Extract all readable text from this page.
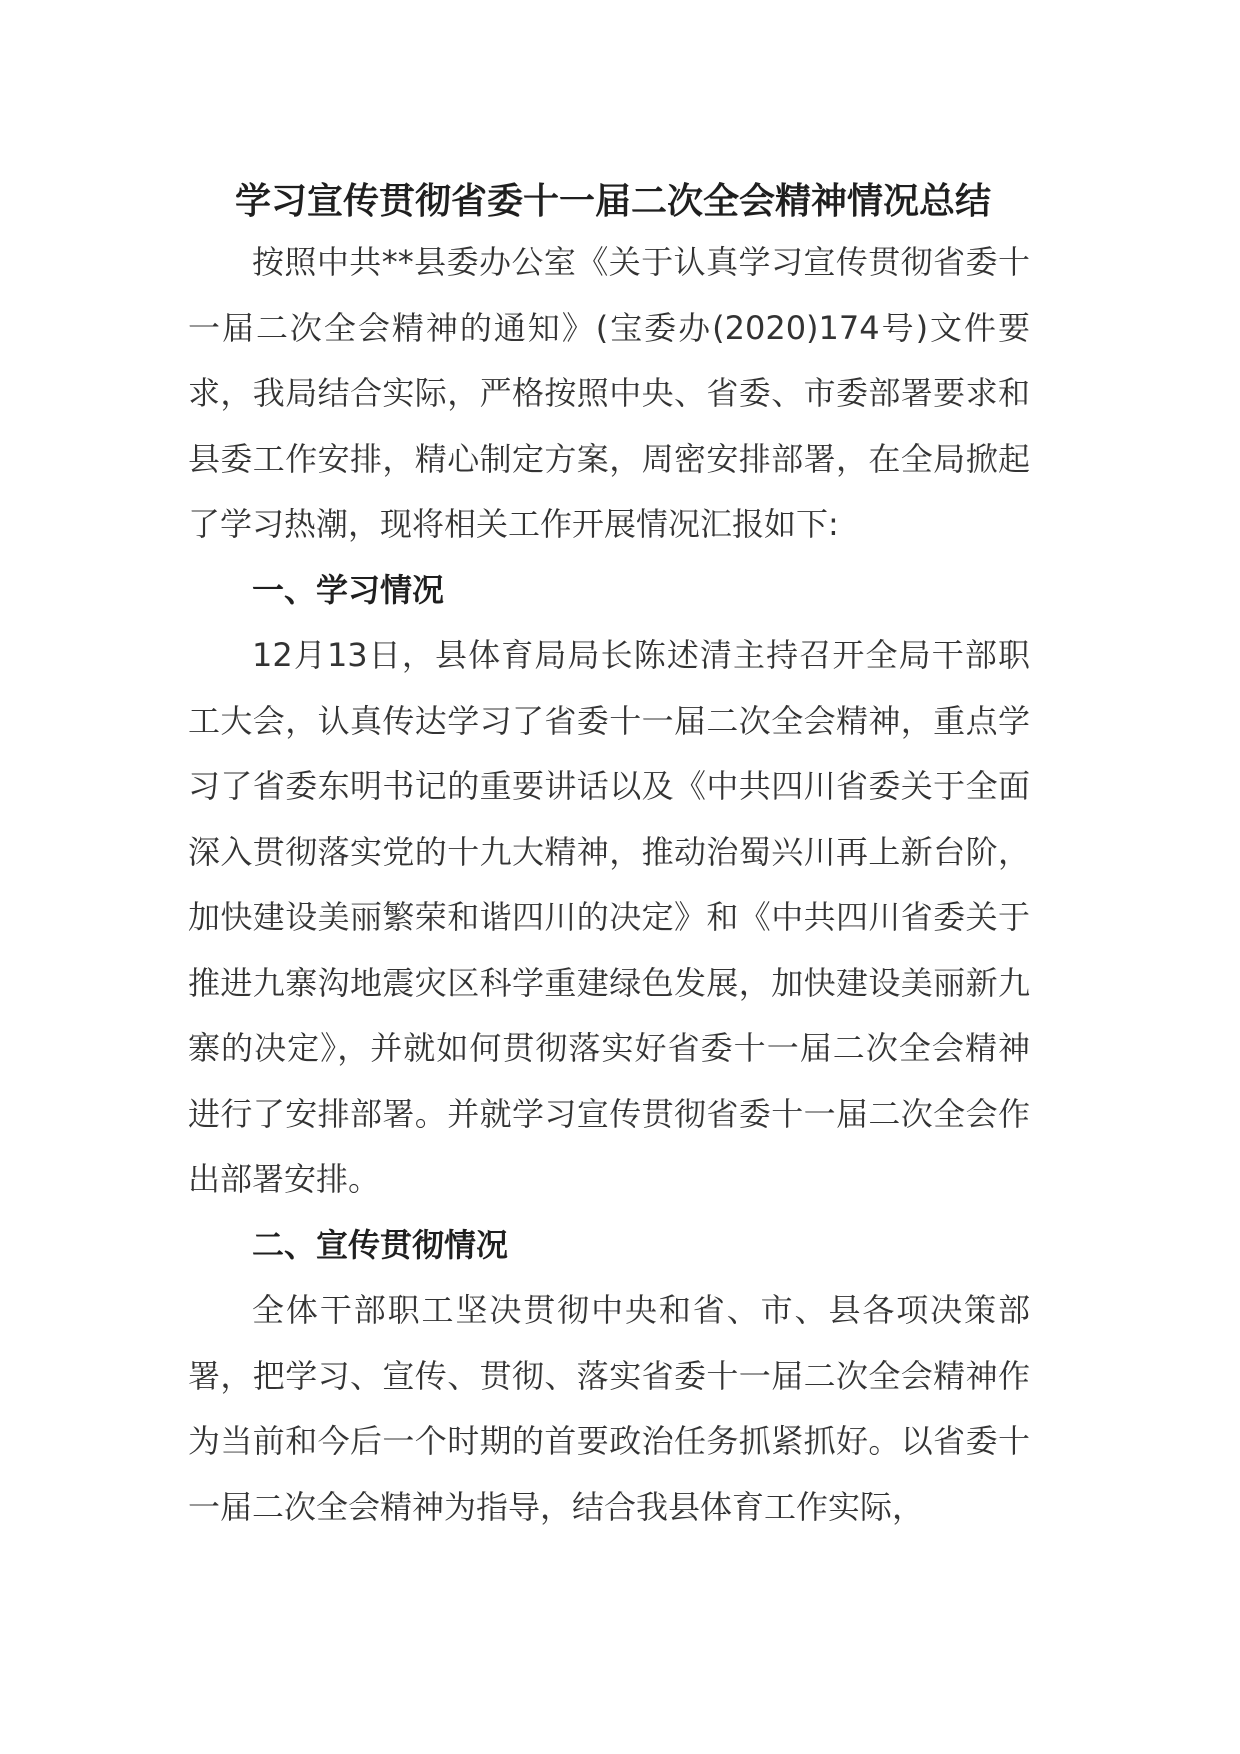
学习宣传贯彻省委十一届二次全会精神情况总结

按照中共**县委办公室《关于认真学习宣传贯彻省委十一届二次全会精神的通知》(宝委办(2020)174号)文件要求，我局结合实际，严格按照中央、省委、市委部署要求和县委工作安排，精心制定方案，周密安排部署，在全局掀起了学习热潮，现将相关工作开展情况汇报如下:

一、学习情况

12月13日，县体育局局长陈述清主持召开全局干部职工大会，认真传达学习了省委十一届二次全会精神，重点学习了省委东明书记的重要讲话以及《中共四川省委关于全面深入贯彻落实党的十九大精神，推动治蜀兴川再上新台阶，加快建设美丽繁荣和谐四川的决定》和《中共四川省委关于推进九寨沟地震灾区科学重建绿色发展，加快建设美丽新九寨的决定》，并就如何贯彻落实好省委十一届二次全会精神进行了安排部署。并就学习宣传贯彻省委十一届二次全会作出部署安排。

二、宣传贯彻情况

全体干部职工坚决贯彻中央和省、市、县各项决策部署，把学习、宣传、贯彻、落实省委十一届二次全会精神作为当前和今后一个时期的首要政治任务抓紧抓好。以省委十一届二次全会精神为指导，结合我县体育工作实际，
